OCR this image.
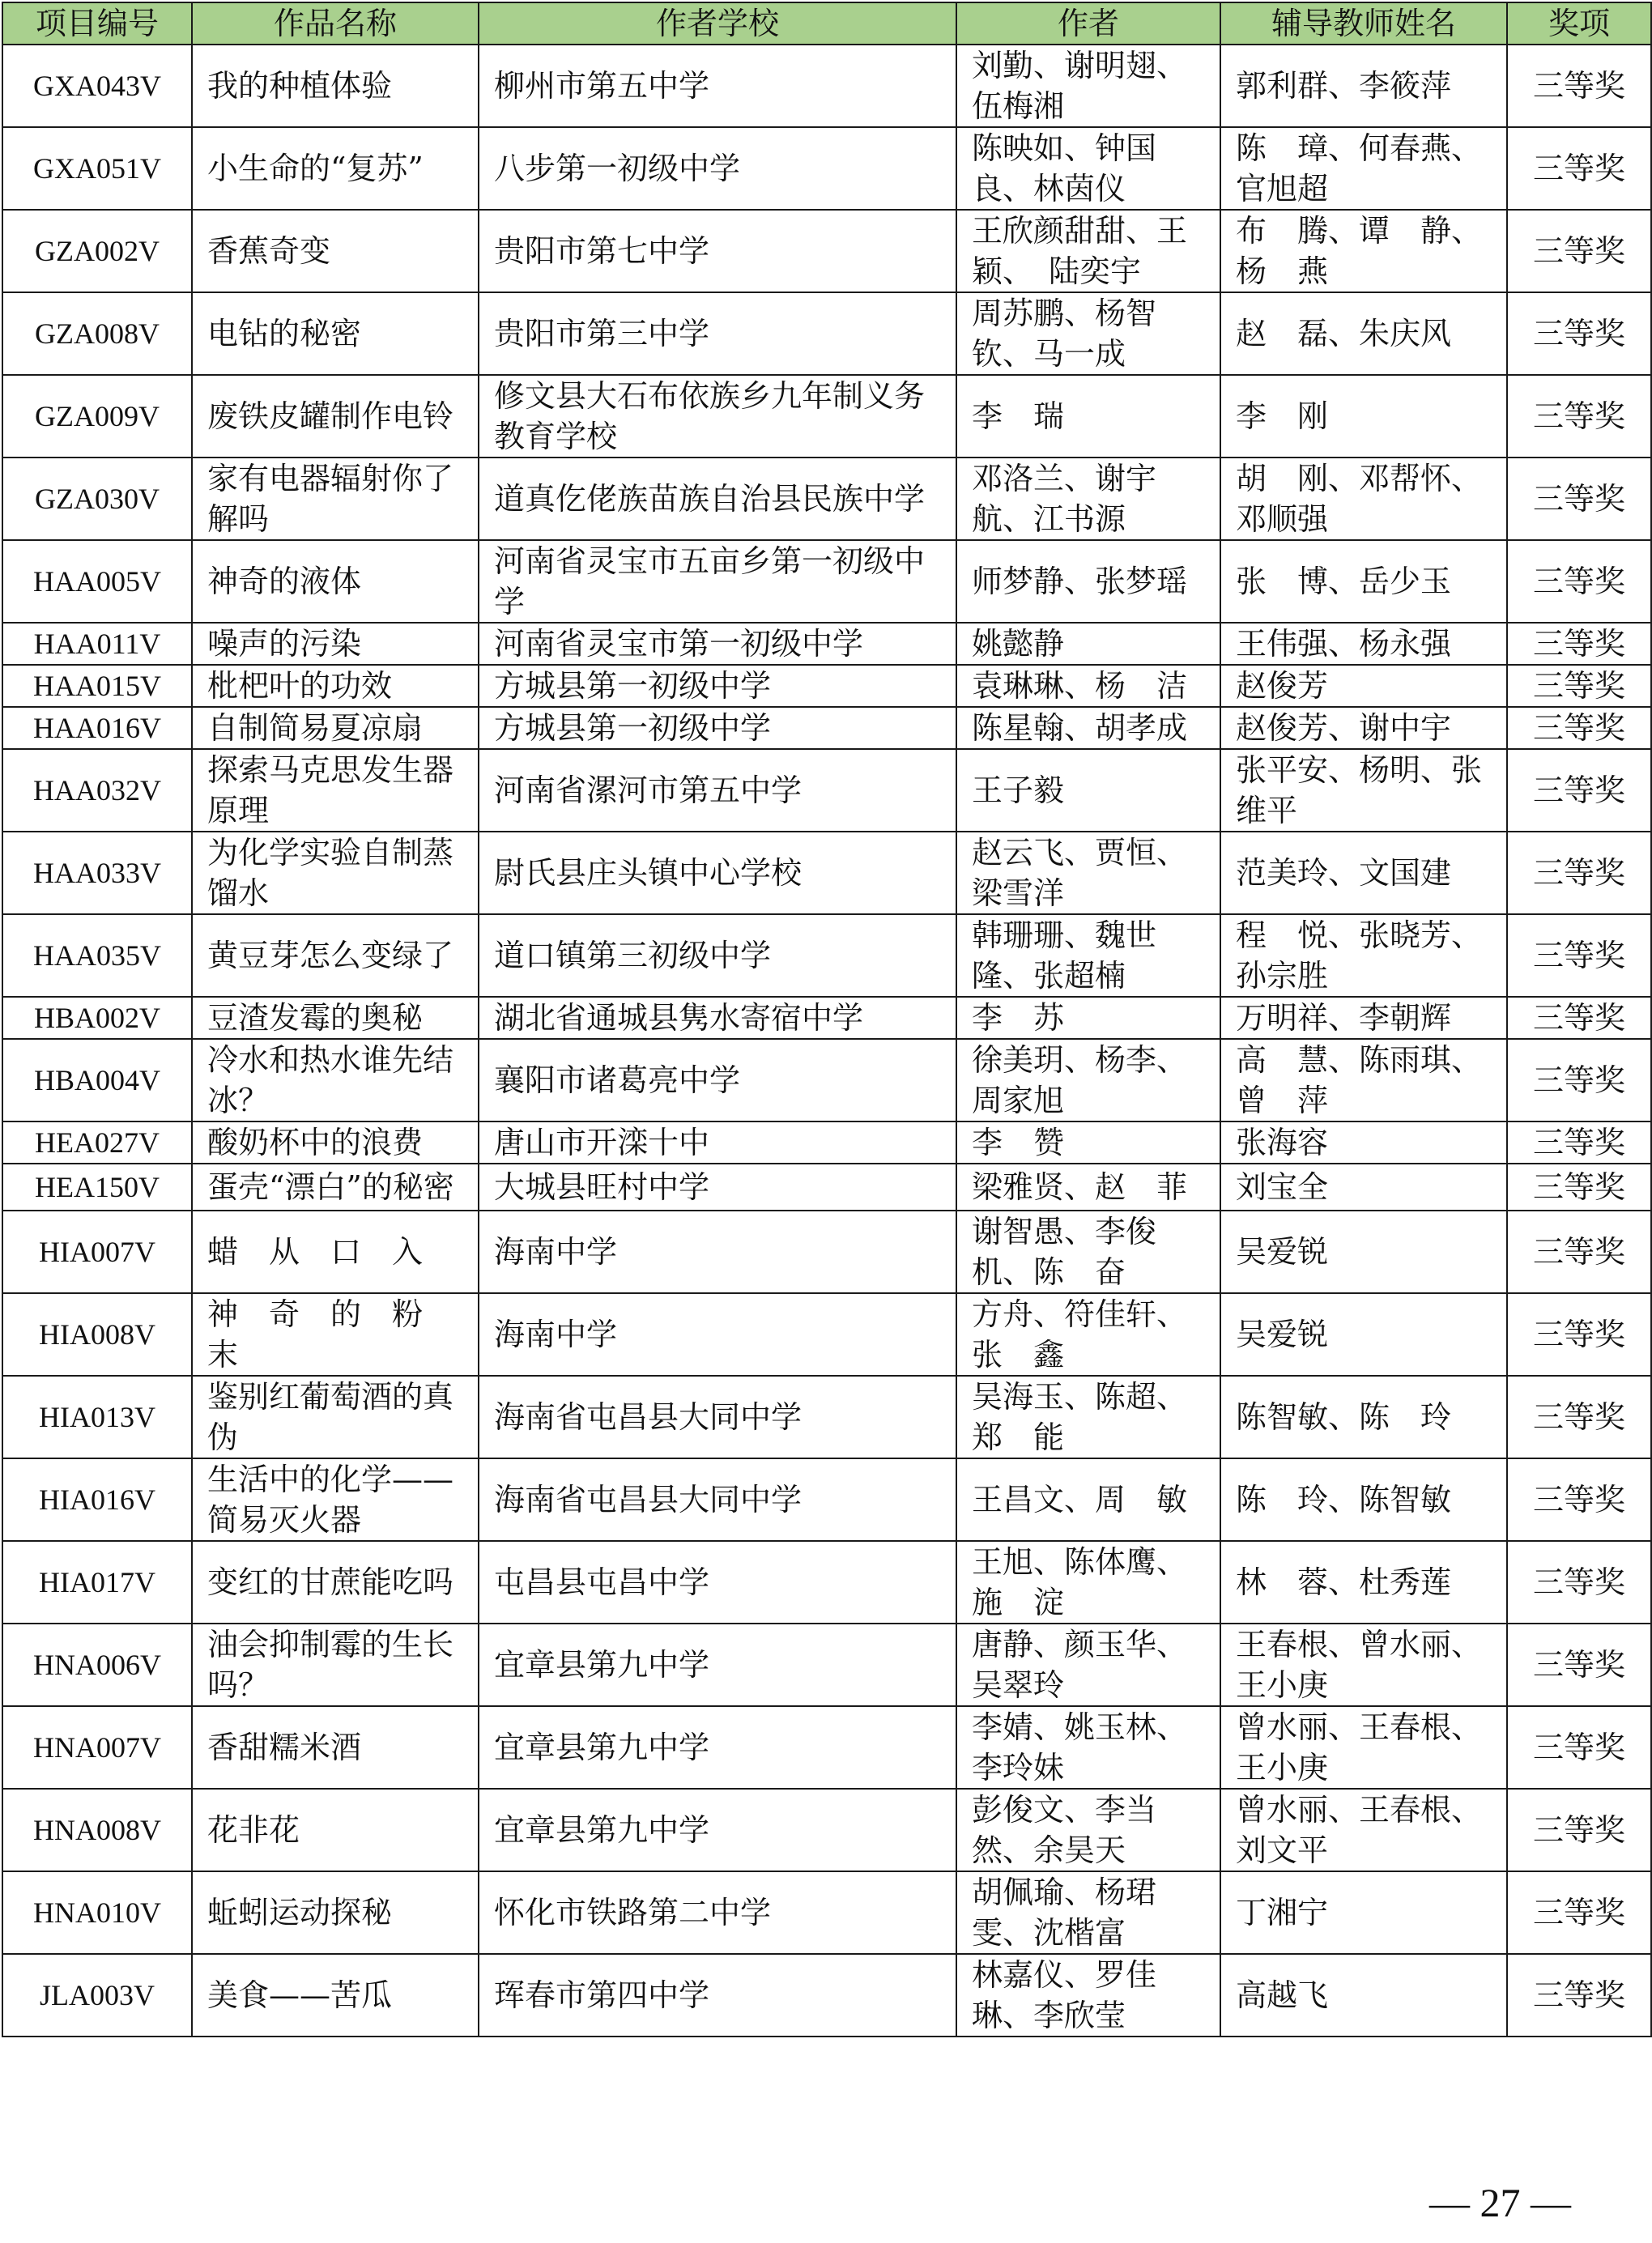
项目编号	作品名称	作者学校	作者	辅导教师姓名	奖项
GXA043V	我的种植体验	柳州市第五中学	刘勤、谢明翅、伍梅湘	郭利群、李筱萍	三等奖
GXA051V	小生命的“复苏”	八步第一初级中学	陈映如、钟国良、林茵仪	陈　璋、何春燕、官旭超	三等奖
GZA002V	香蕉奇变	贵阳市第七中学	王欣颜甜甜、王颖、　陆奕宇	布　腾、谭　静、杨　燕	三等奖
GZA008V	电钻的秘密	贵阳市第三中学	周苏鹏、杨智钦、马一成	赵　磊、朱庆风	三等奖
GZA009V	废铁皮罐制作电铃	修文县大石布依族乡九年制义务教育学校	李　瑞	李　刚	三等奖
GZA030V	家有电器辐射你了解吗	道真仡佬族苗族自治县民族中学	邓洛兰、谢宇航、江书源	胡　刚、邓帮怀、邓顺强	三等奖
HAA005V	神奇的液体	河南省灵宝市五亩乡第一初级中学	师梦静、张梦瑶	张　博、岳少玉	三等奖
HAA011V	噪声的污染	河南省灵宝市第一初级中学	姚懿静	王伟强、杨永强	三等奖
HAA015V	枇杷叶的功效	方城县第一初级中学	袁琳琳、杨　洁	赵俊芳	三等奖
HAA016V	自制简易夏凉扇	方城县第一初级中学	陈星翰、胡孝成	赵俊芳、谢中宇	三等奖
HAA032V	探索马克思发生器原理	河南省漯河市第五中学	王子毅	张平安、杨明、张维平	三等奖
HAA033V	为化学实验自制蒸馏水	尉氏县庄头镇中心学校	赵云飞、贾恒、梁雪洋	范美玲、文国建	三等奖
HAA035V	黄豆芽怎么变绿了	道口镇第三初级中学	韩珊珊、魏世隆、张超楠	程　悦、张晓芳、孙宗胜	三等奖
HBA002V	豆渣发霉的奥秘	湖北省通城县隽水寄宿中学	李　苏	万明祥、李朝辉	三等奖
HBA004V	冷水和热水谁先结冰？	襄阳市诸葛亮中学	徐美玥、杨李、周家旭	高　慧、陈雨琪、曾　萍	三等奖
HEA027V	酸奶杯中的浪费	唐山市开滦十中	李　赞	张海容	三等奖
HEA150V	蛋壳“漂白”的秘密	大城县旺村中学	梁雅贤、赵　菲	刘宝全	三等奖
HIA007V	蜡　从　口　入	海南中学	谢智愚、李俊机、陈　奋	吴爱锐	三等奖
HIA008V	神　奇　的　粉　末	海南中学	方舟、符佳轩、张　鑫	吴爱锐	三等奖
HIA013V	鉴别红葡萄酒的真伪	海南省屯昌县大同中学	吴海玉、陈超、郑　能	陈智敏、陈　玲	三等奖
HIA016V	生活中的化学——简易灭火器	海南省屯昌县大同中学	王昌文、周　敏	陈　玲、陈智敏	三等奖
HIA017V	变红的甘蔗能吃吗	屯昌县屯昌中学	王旭、陈体鹰、施　淀	林　蓉、杜秀莲	三等奖
HNA006V	油会抑制霉的生长吗？	宜章县第九中学	唐静、颜玉华、吴翠玲	王春根、曾水丽、王小庚	三等奖
HNA007V	香甜糯米酒	宜章县第九中学	李婧、姚玉林、李玲妹	曾水丽、王春根、王小庚	三等奖
HNA008V	花非花	宜章县第九中学	彭俊文、李当然、余昊天	曾水丽、王春根、刘文平	三等奖
HNA010V	蚯蚓运动探秘	怀化市铁路第二中学	胡佩瑜、杨珺雯、沈楷富	丁湘宁	三等奖
JLA003V	美食——苦瓜	珲春市第四中学	林嘉仪、罗佳琳、李欣莹	高越飞	三等奖
— 27 —
